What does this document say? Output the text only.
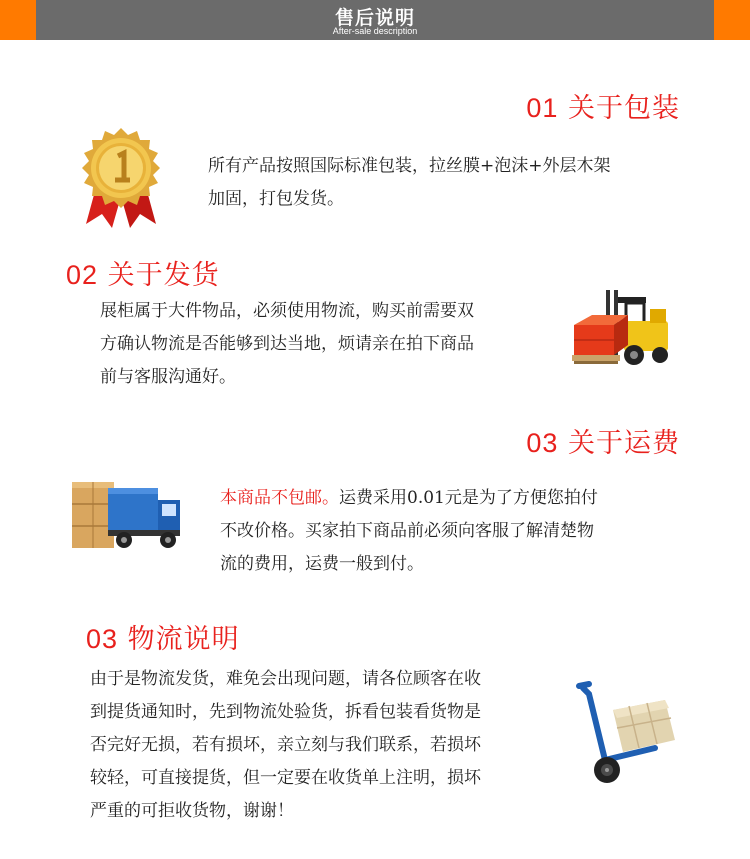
售后说明
After-sale description
01 关于包装
所有产品按照国际标准包装，拉丝膜+泡沫+外层木架
加固，打包发货。
02 关于发货
展柜属于大件物品，必须使用物流，购买前需要双
方确认物流是否能够到达当地，烦请亲在拍下商品
前与客服沟通好。
03 关于运费
本商品不包邮。运费采用0.01元是为了方便您拍付
不改价格。买家拍下商品前必须向客服了解清楚物
流的费用，运费一般到付。
03 物流说明
由于是物流发货，难免会出现问题，请各位顾客在收
到提货通知时，先到物流处验货，拆看包装看货物是
否完好无损，若有损坏，亲立刻与我们联系，若损坏
较轻，可直接提货，但一定要在收货单上注明，损坏
严重的可拒收货物，谢谢！
